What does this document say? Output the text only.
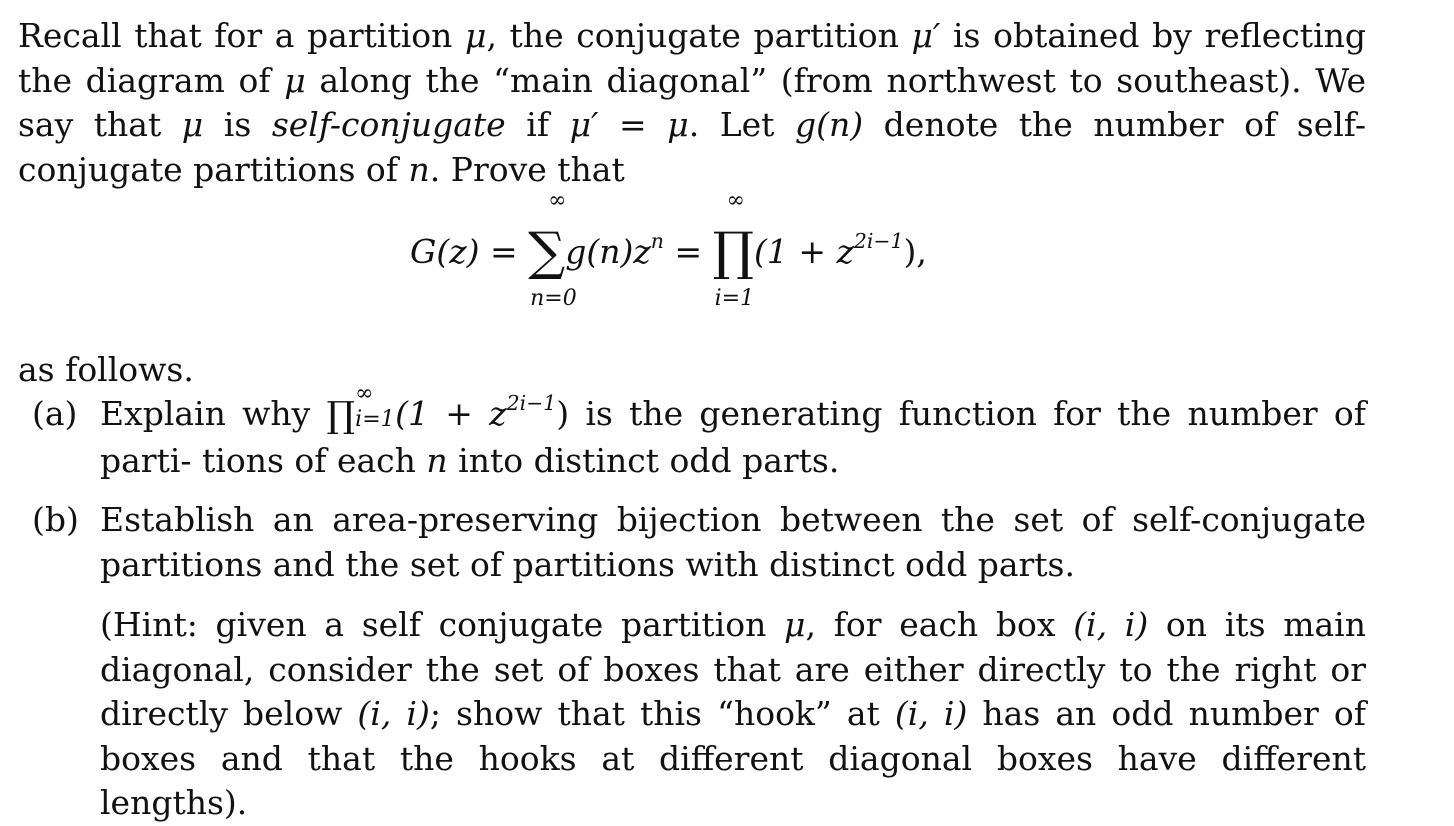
Recall that for a partition μ, the conjugate partition μ′ is obtained by reflecting the diagram of μ along the “main diagonal” (from northwest to southeast). We say that μ is self-conjugate if μ′ = μ. Let g(n) denote the number of self-conjugate partitions of n. Prove that

G(z) = ∑
∞
n=0
$g(n)z^n$ = ∏
∞
i=1
$(1 + z^{2i-1})$,

as follows.

(a) Explain why ∏
∞
i=1 $(1 + z^{2i-1})$ is the generating function for the number of parti- tions of each n into distinct odd parts.
(b) Establish an area-preserving bijection between the set of self-conjugate partitions and the set of partitions with distinct odd parts.
(Hint: given a self conjugate partition μ, for each box (i, i) on its main diagonal, consider the set of boxes that are either directly to the right or directly below (i, i); show that this “hook” at (i, i) has an odd number of boxes and that the hooks at different diagonal boxes have different lengths).
